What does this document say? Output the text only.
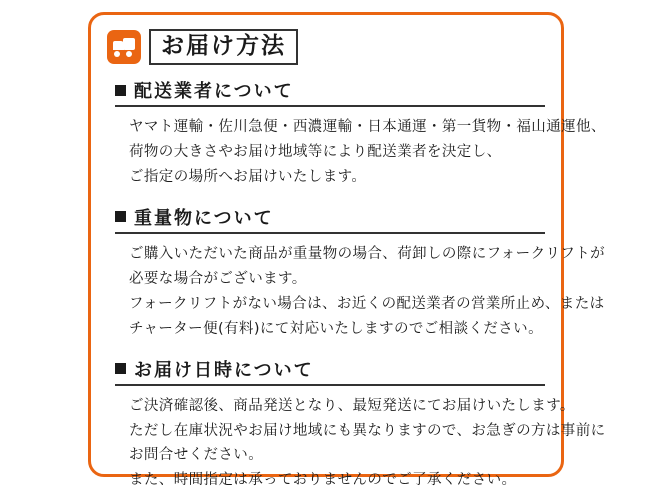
お届け方法
配送業者について

ヤマト運輸・佐川急便・西濃運輸・日本通運・第一貨物・福山通運他、
荷物の大きさやお届け地域等により配送業者を決定し、
ご指定の場所へお届けいたします。

重量物について

ご購入いただいた商品が重量物の場合、荷卸しの際にフォークリフトが
必要な場合がございます。
フォークリフトがない場合は、お近くの配送業者の営業所止め、または
チャーター便(有料)にて対応いたしますのでご相談ください。

お届け日時について

ご決済確認後、商品発送となり、最短発送にてお届けいたします。
ただし在庫状況やお届け地域にも異なりますので、お急ぎの方は事前に
お問合せください。
また、時間指定は承っておりませんのでご了承ください。
